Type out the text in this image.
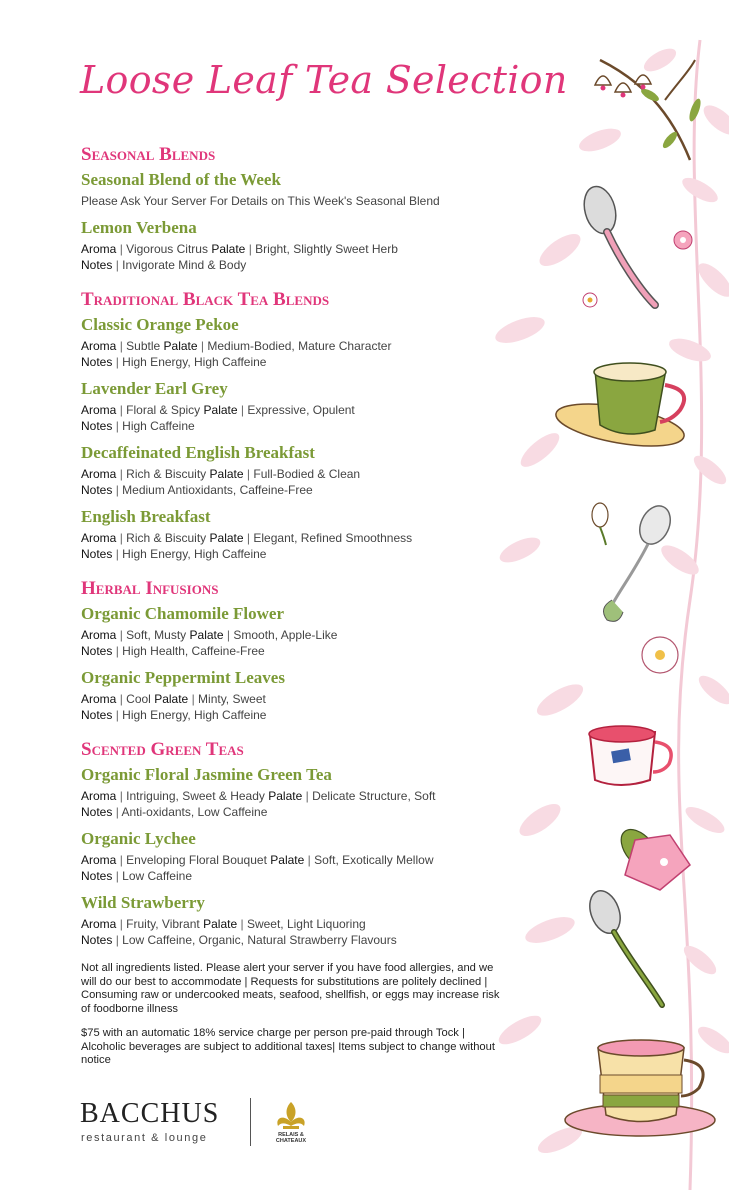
Loose Leaf Tea Selection
Seasonal Blends
Seasonal Blend of the Week

Please Ask Your Server For Details on This Week's Seasonal Blend

Lemon Verbena

Aroma | Vigorous Citrus Palate | Bright, Slightly Sweet Herb

Notes | Invigorate Mind & Body

Traditional Black Tea Blends
Classic Orange Pekoe

Aroma | Subtle Palate | Medium-Bodied, Mature Character

Notes | High Energy, High Caffeine

Lavender Earl Grey

Aroma | Floral & Spicy Palate | Expressive, Opulent

Notes | High Caffeine

Decaffeinated English Breakfast

Aroma | Rich & Biscuity Palate | Full-Bodied & Clean

Notes | Medium Antioxidants, Caffeine-Free

English Breakfast

Aroma | Rich & Biscuity Palate | Elegant, Refined Smoothness

Notes | High Energy, High Caffeine

Herbal Infusions
Organic Chamomile Flower

Aroma | Soft, Musty Palate | Smooth, Apple-Like

Notes | High Health, Caffeine-Free

Organic Peppermint Leaves

Aroma | Cool Palate | Minty, Sweet

Notes | High Energy, High Caffeine

Scented Green Teas
Organic Floral Jasmine Green Tea

Aroma | Intriguing, Sweet & Heady Palate | Delicate Structure, Soft

Notes | Anti-oxidants, Low Caffeine

Organic Lychee

Aroma | Enveloping Floral Bouquet Palate | Soft, Exotically Mellow

Notes | Low Caffeine

Wild Strawberry

Aroma | Fruity, Vibrant Palate | Sweet, Light Liquoring

Notes | Low Caffeine, Organic, Natural Strawberry Flavours

Not all ingredients listed. Please alert your server if you have food allergies, and we will do our best to accommodate | Requests for substitutions are politely declined | Consuming raw or undercooked meats, seafood, shellfish, or eggs may increase risk of foodborne illness

$75 with an automatic 18% service charge per person pre-paid through Tock | Alcoholic beverages are subject to additional taxes| Items subject to change without notice

BACCHUS
restaurant & lounge	RELAIS &
CHATEAUX
